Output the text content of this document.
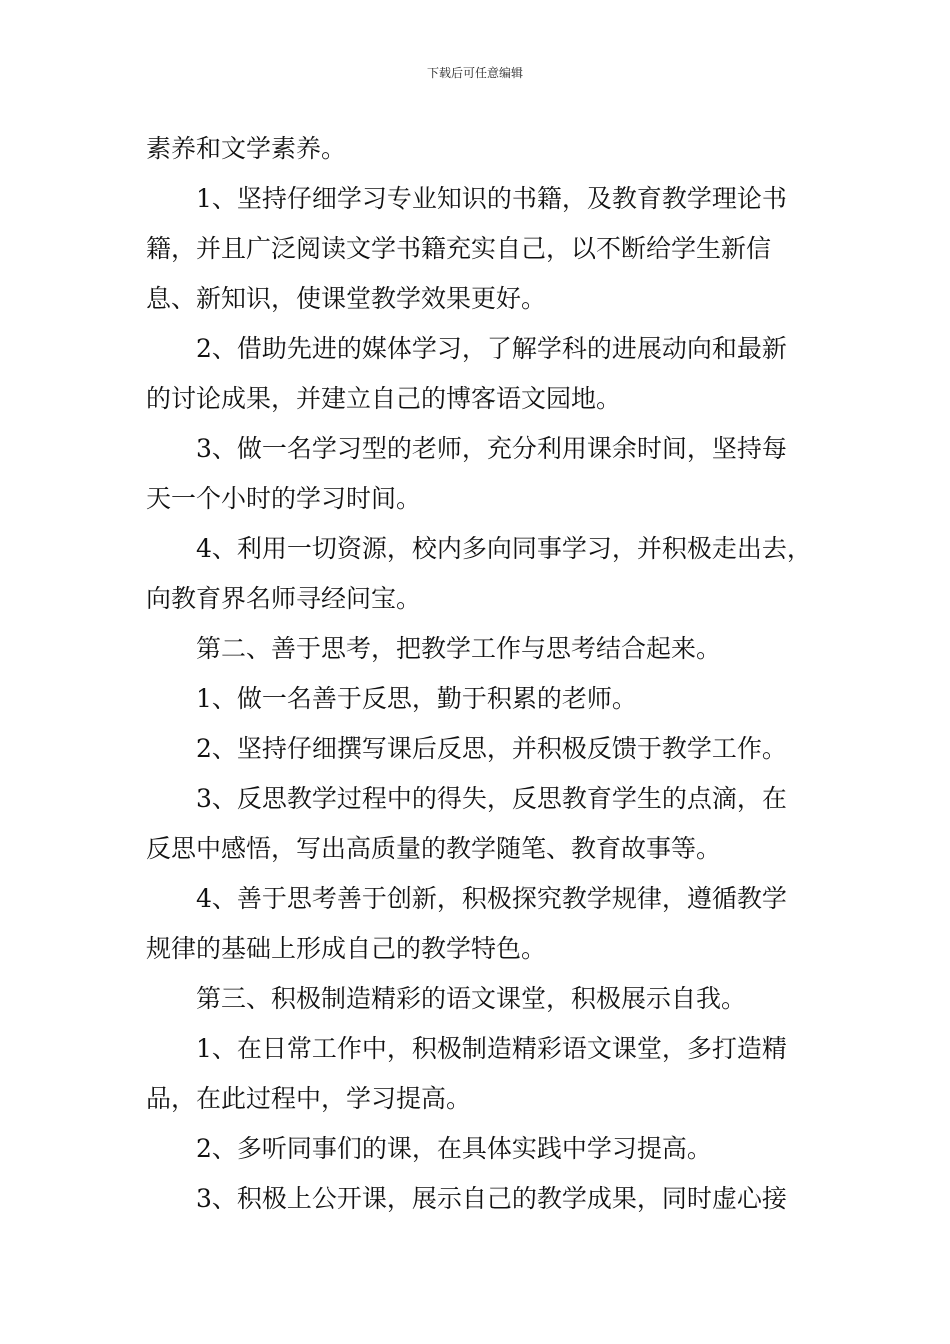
下载后可任意编辑
素养和文学素养。
1、坚持仔细学习专业知识的书籍，及教育教学理论书
籍，并且广泛阅读文学书籍充实自己，以不断给学生新信
息、新知识，使课堂教学效果更好。
2、借助先进的媒体学习，了解学科的进展动向和最新
的讨论成果，并建立自己的博客语文园地。
3、做一名学习型的老师，充分利用课余时间，坚持每
天一个小时的学习时间。
4、利用一切资源，校内多向同事学习，并积极走出去，
向教育界名师寻经问宝。
第二、善于思考，把教学工作与思考结合起来。
1、做一名善于反思，勤于积累的老师。
2、坚持仔细撰写课后反思，并积极反馈于教学工作。
3、反思教学过程中的得失，反思教育学生的点滴，在
反思中感悟，写出高质量的教学随笔、教育故事等。
4、善于思考善于创新，积极探究教学规律，遵循教学
规律的基础上形成自己的教学特色。
第三、积极制造精彩的语文课堂，积极展示自我。
1、在日常工作中，积极制造精彩语文课堂，多打造精
品，在此过程中，学习提高。
2、多听同事们的课，在具体实践中学习提高。
3、积极上公开课，展示自己的教学成果，同时虚心接
